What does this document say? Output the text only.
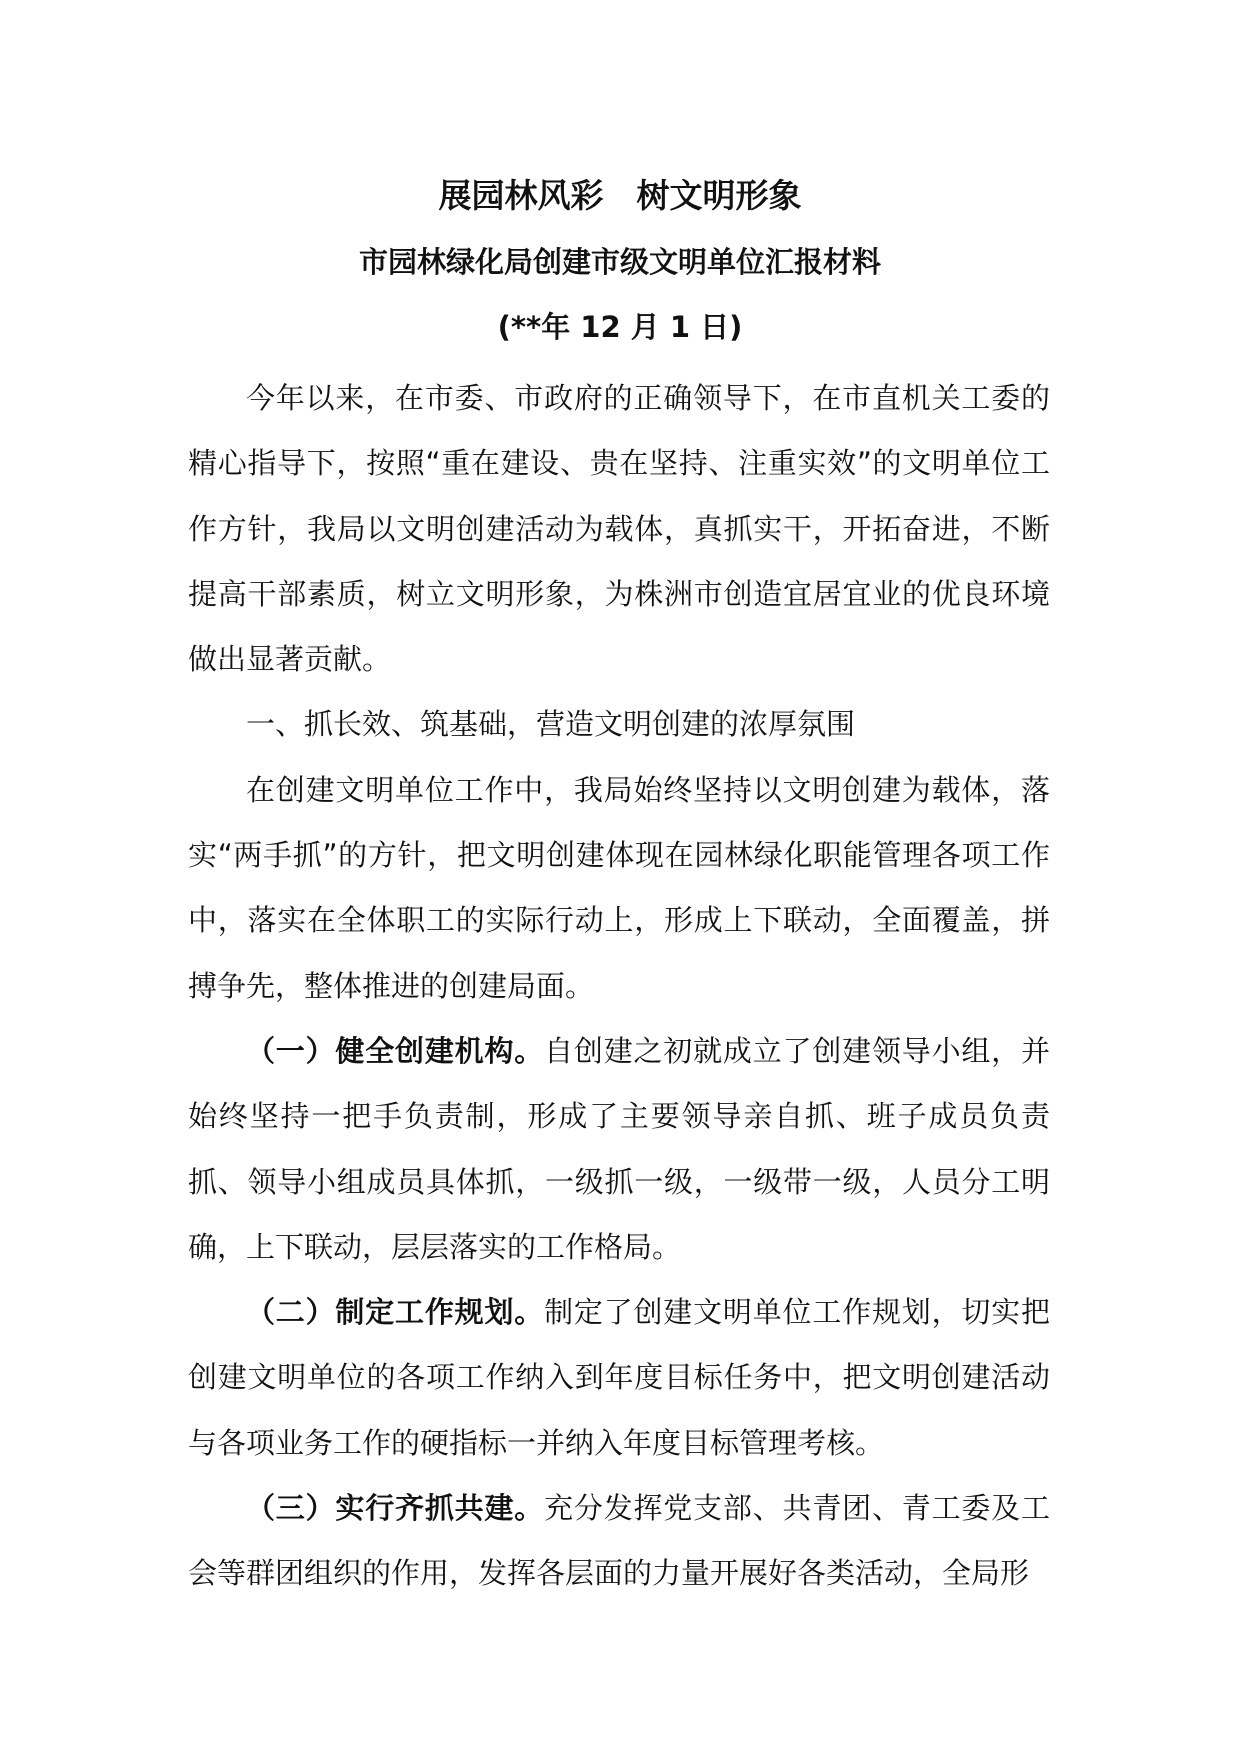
展园林风彩　树文明形象
市园林绿化局创建市级文明单位汇报材料
(**年 12 月 1 日)

今年以来，在市委、市政府的正确领导下，在市直机关工委的精心指导下，按照“重在建设、贵在坚持、注重实效”的文明单位工作方针，我局以文明创建活动为载体，真抓实干，开拓奋进，不断提高干部素质，树立文明形象，为株洲市创造宜居宜业的优良环境做出显著贡献。

一、抓长效、筑基础，营造文明创建的浓厚氛围

在创建文明单位工作中，我局始终坚持以文明创建为载体，落实“两手抓”的方针，把文明创建体现在园林绿化职能管理各项工作中，落实在全体职工的实际行动上，形成上下联动，全面覆盖，拼搏争先，整体推进的创建局面。

（一）健全创建机构。自创建之初就成立了创建领导小组，并始终坚持一把手负责制，形成了主要领导亲自抓、班子成员负责抓、领导小组成员具体抓，一级抓一级，一级带一级，人员分工明确，上下联动，层层落实的工作格局。

（二）制定工作规划。制定了创建文明单位工作规划，切实把创建文明单位的各项工作纳入到年度目标任务中，把文明创建活动与各项业务工作的硬指标一并纳入年度目标管理考核。

（三）实行齐抓共建。充分发挥党支部、共青团、青工委及工会等群团组织的作用，发挥各层面的力量开展好各类活动，全局形
